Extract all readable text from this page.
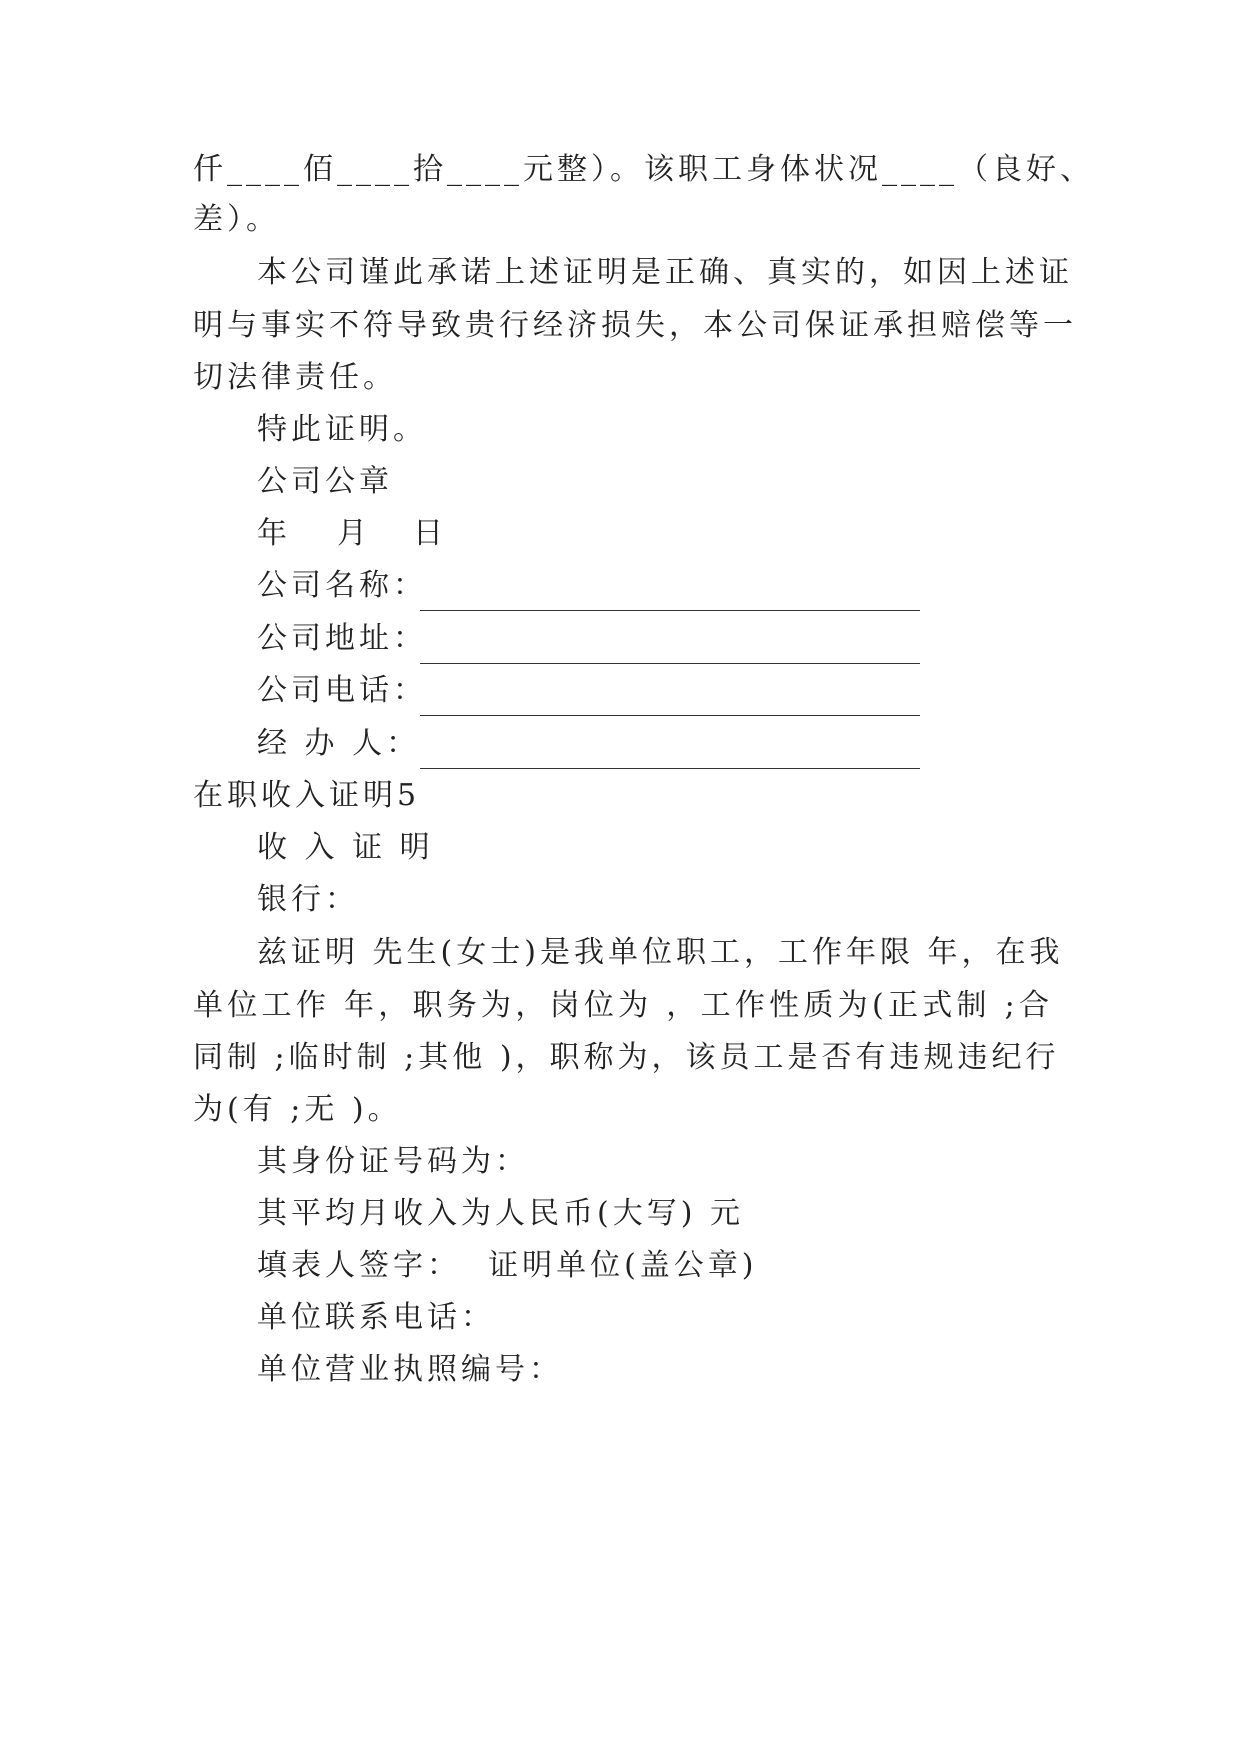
仟____佰____拾____元整）。该职工身体状况____（良好、
差）。
本公司谨此承诺上述证明是正确、真实的，如因上述证
明与事实不符导致贵行经济损失，本公司保证承担赔偿等一
切法律责任。
特此证明。
公司公章
年 月 日
公司名称：
公司地址：
公司电话：
经 办 人：
在职收入证明5
收 入 证 明
银行：
兹证明 先生(女士)是我单位职工，工作年限 年，在我
单位工作 年，职务为，岗位为 ，工作性质为(正式制 ;合
同制 ;临时制 ;其他 )，职称为，该员工是否有违规违纪行
为(有 ;无 )。
其身份证号码为：
其平均月收入为人民币(大写) 元
填表人签字：  证明单位(盖公章)
单位联系电话：
单位营业执照编号：
